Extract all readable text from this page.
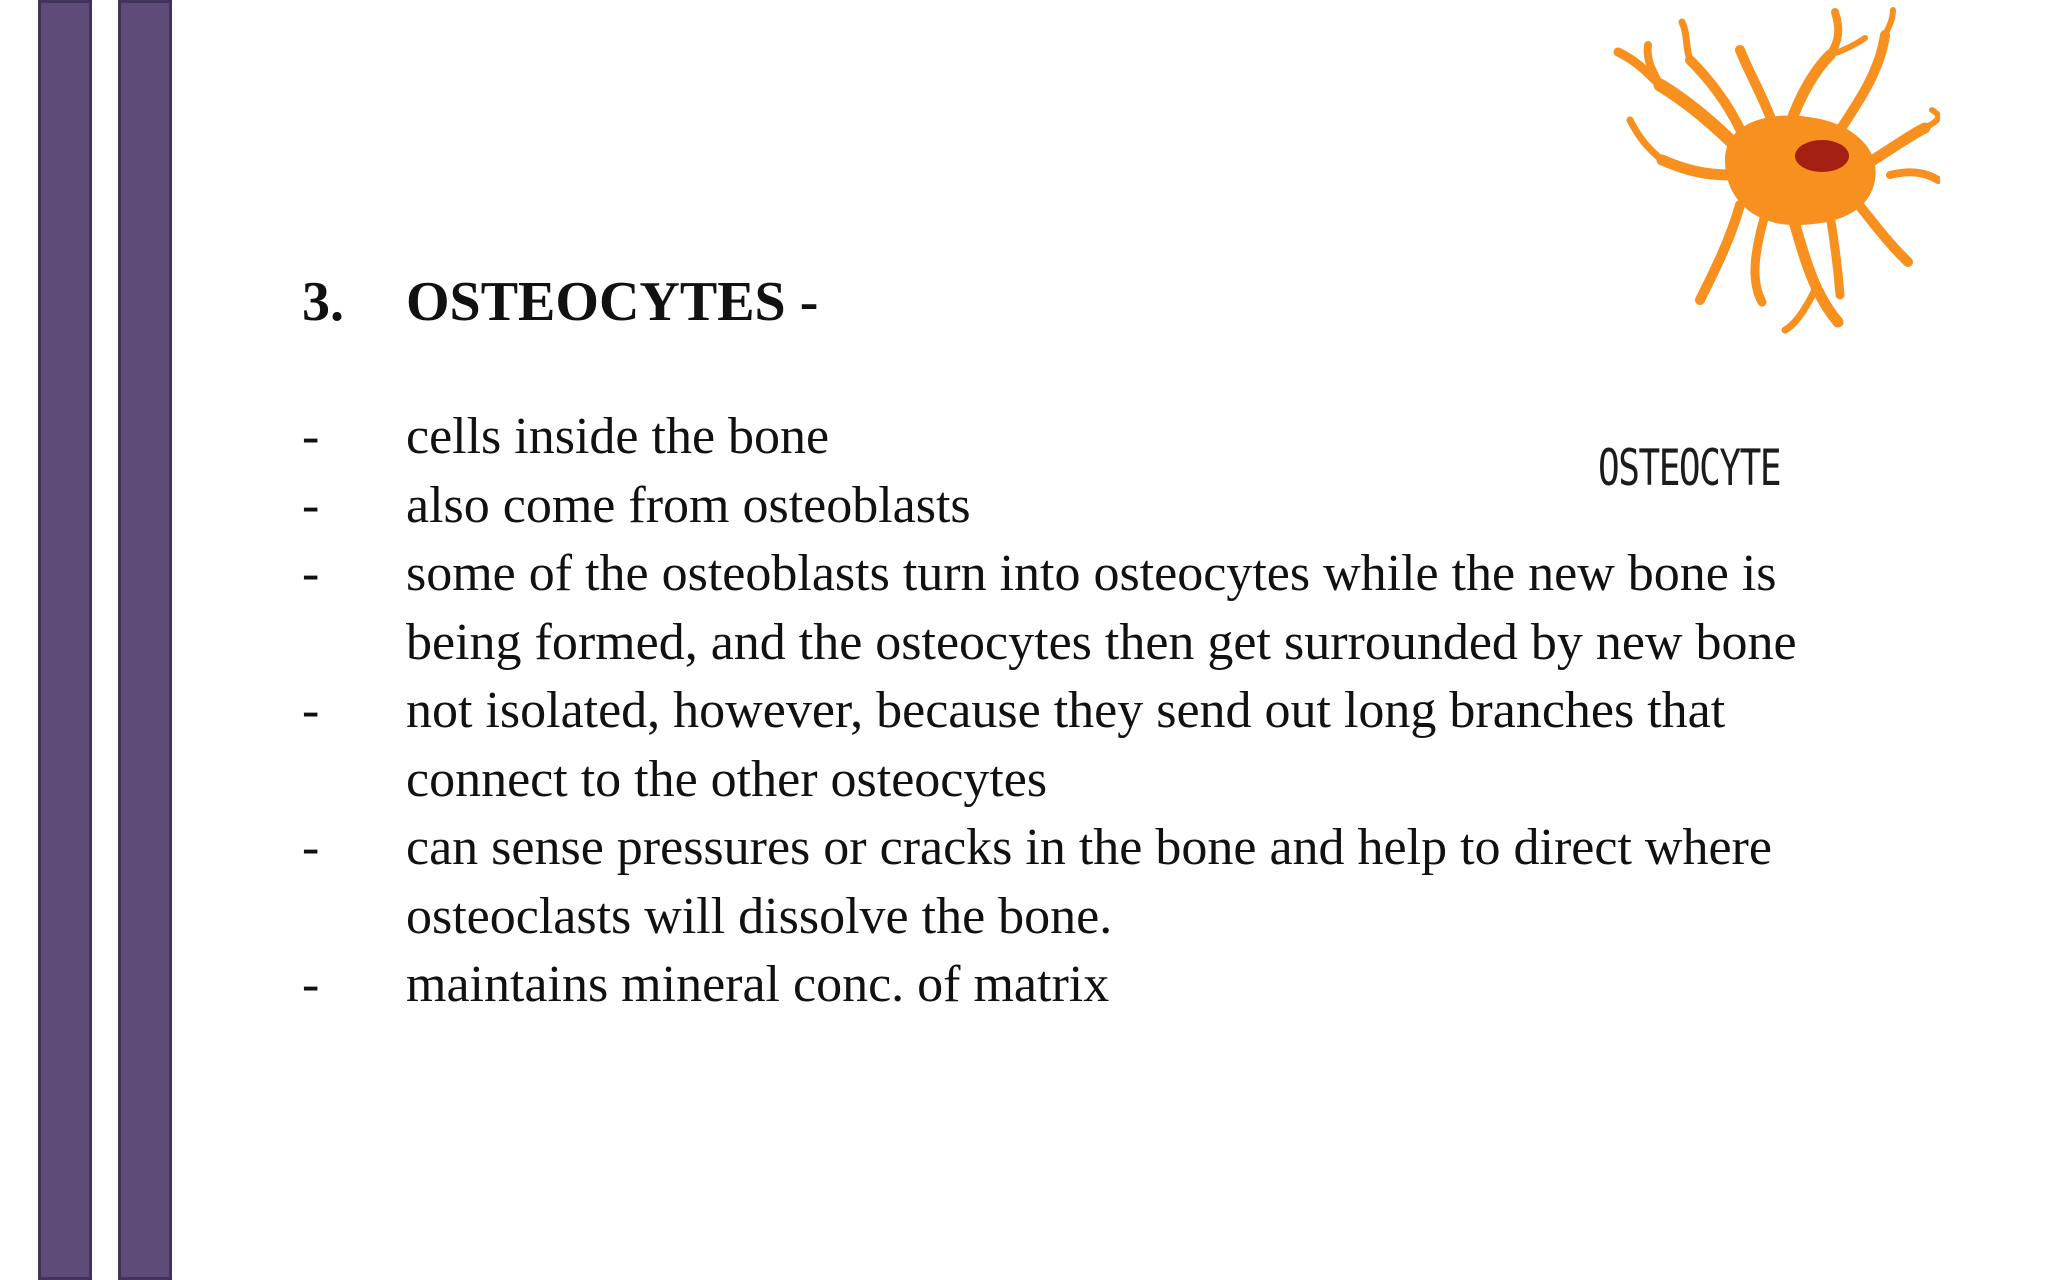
3. OSTEOCYTES -
- cells inside the bone
- also come from osteoblasts
- some of the osteoblasts turn into osteocytes while the new bone is being formed, and the osteocytes then get surrounded by new bone
- not isolated, however, because they send out long branches that connect to the other osteocytes
- can sense pressures or cracks in the bone and help to direct where osteoclasts will dissolve the bone.
- maintains mineral conc. of matrix
OSTEOCYTE
